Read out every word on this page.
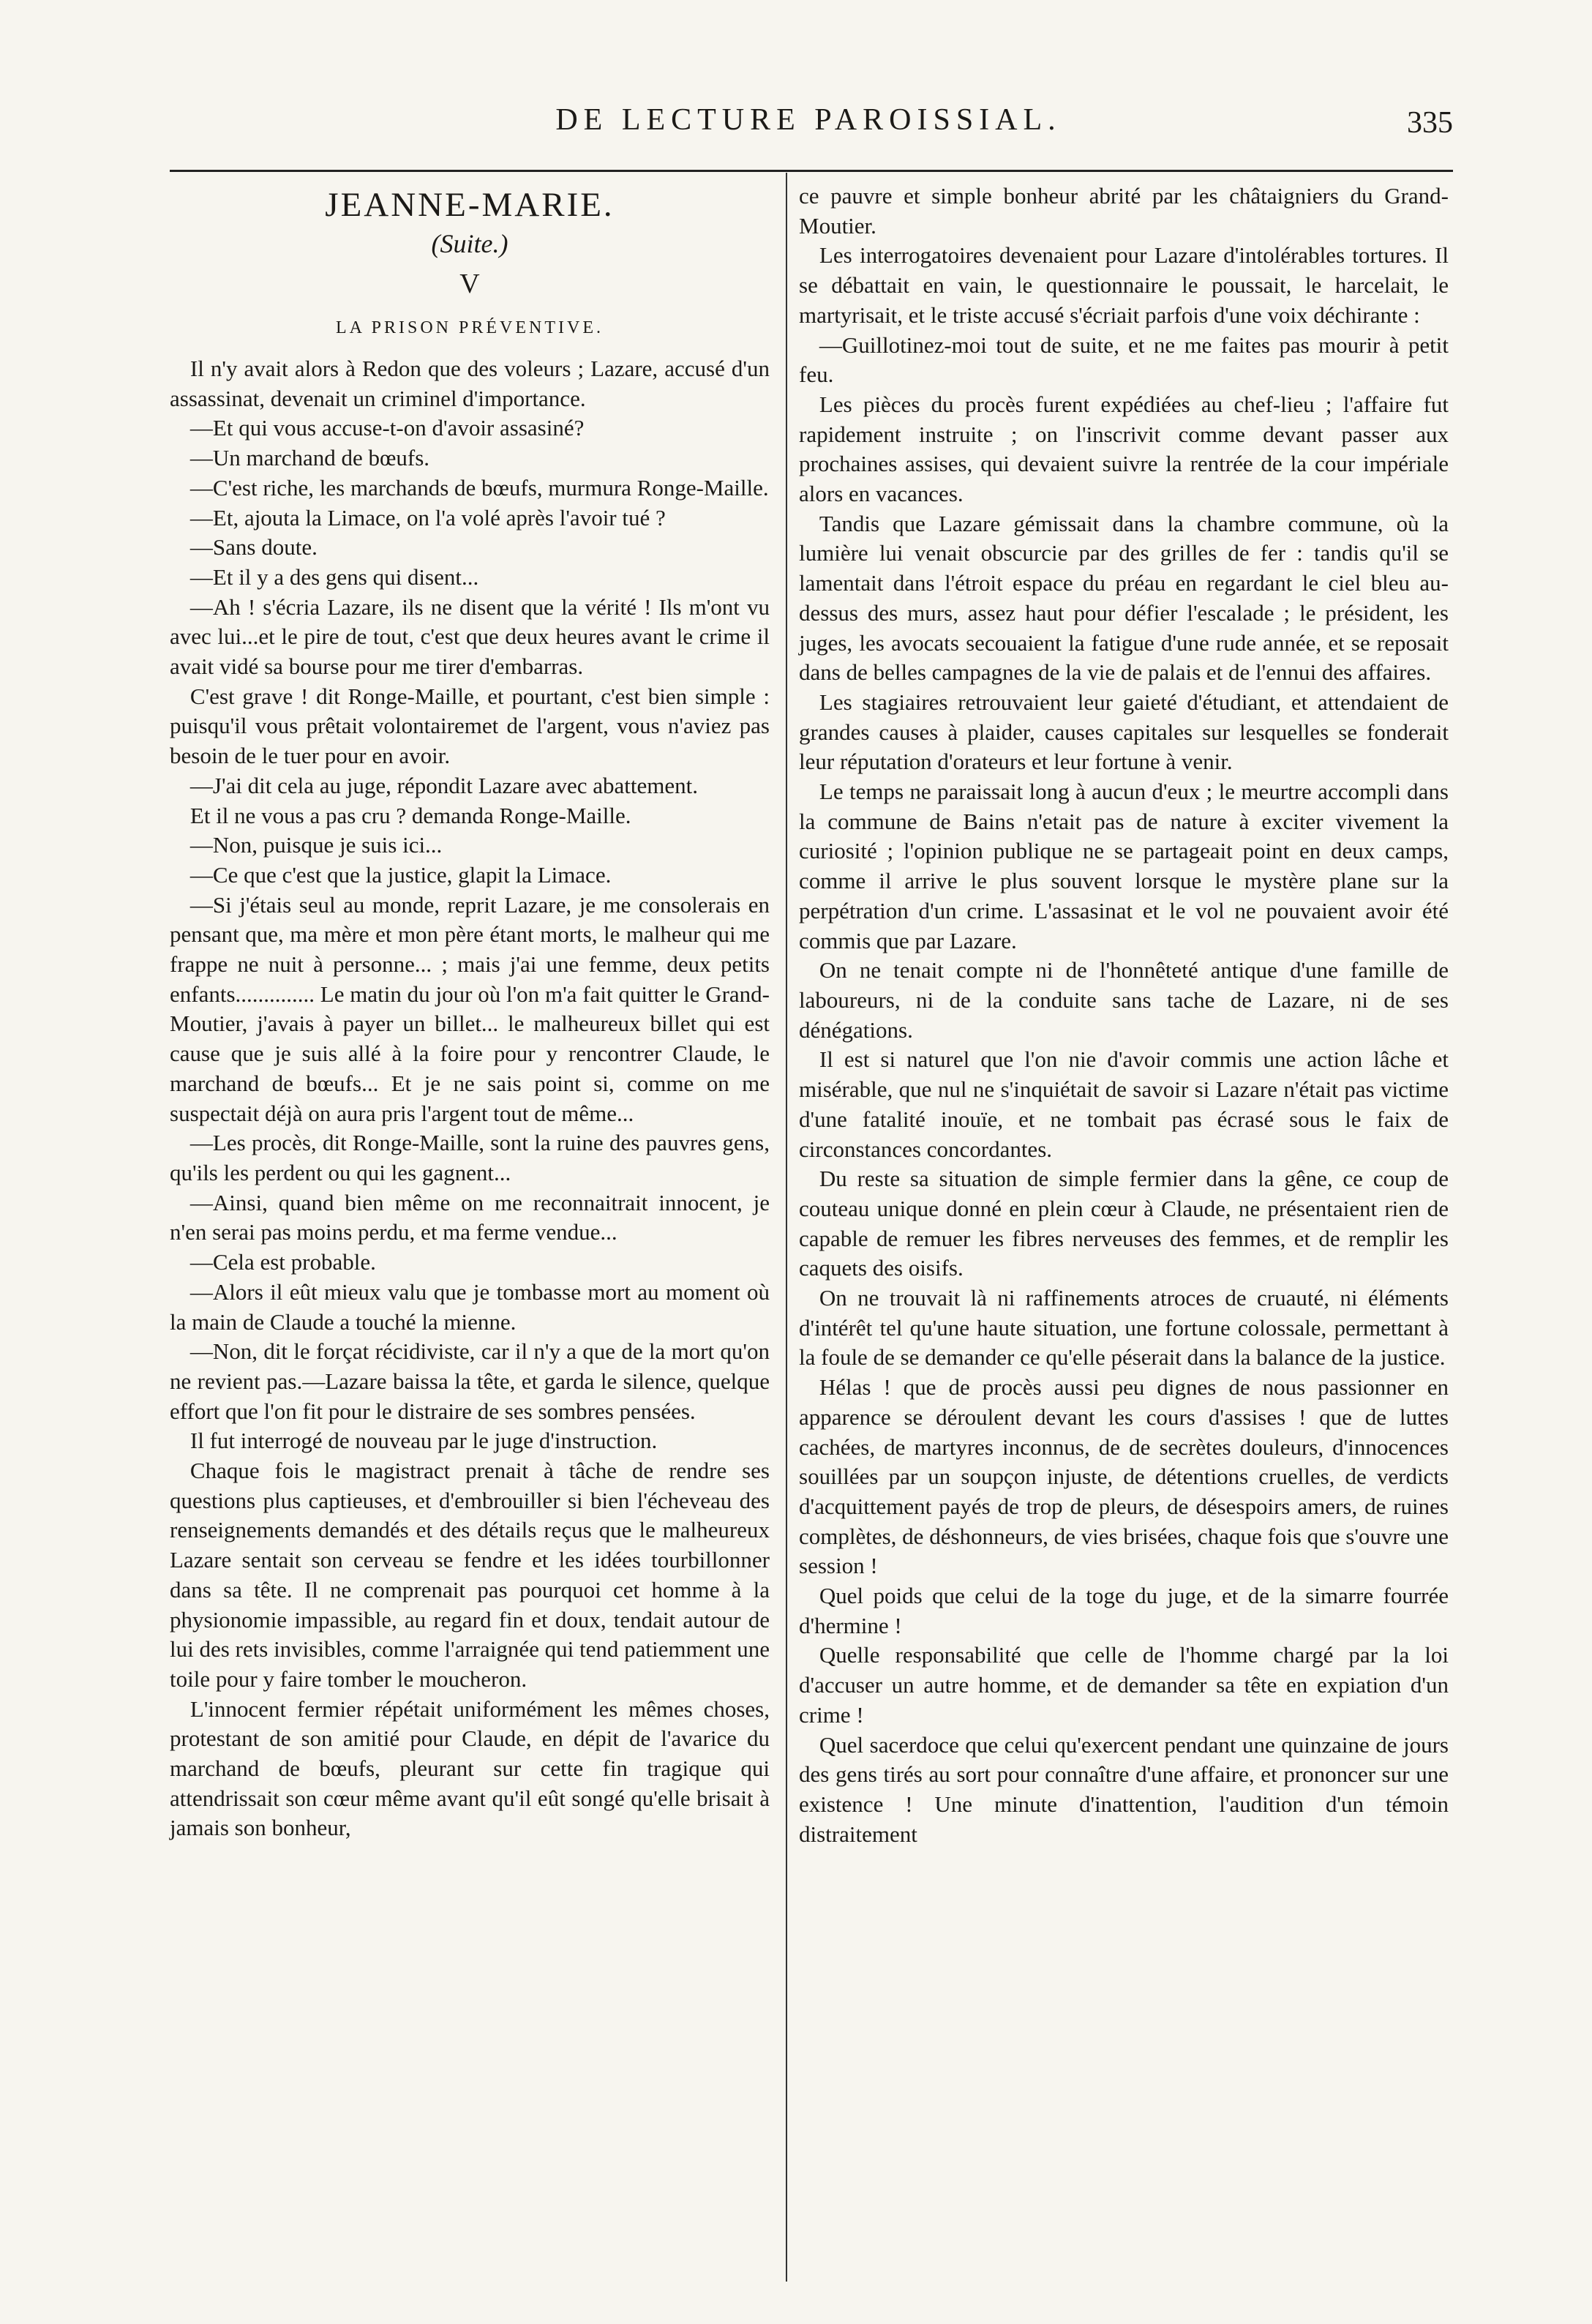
DE LECTURE PAROISSIAL.	335
JEANNE-MARIE.
(Suite.)
V
LA PRISON PRÉVENTIVE.

Il n'y avait alors à Redon que des voleurs ; Lazare, accusé d'un assassinat, devenait un criminel d'importance.

—Et qui vous accuse-t-on d'avoir assasiné?

—Un marchand de bœufs.

—C'est riche, les marchands de bœufs, murmura Ronge-Maille.

—Et, ajouta la Limace, on l'a volé après l'avoir tué ?

—Sans doute.

—Et il y a des gens qui disent...

—Ah ! s'écria Lazare, ils ne disent que la vérité ! Ils m'ont vu avec lui...et le pire de tout, c'est que deux heures avant le crime il avait vidé sa bourse pour me tirer d'embarras.

C'est grave ! dit Ronge-Maille, et pourtant, c'est bien simple : puisqu'il vous prêtait volontairemet de l'argent, vous n'aviez pas besoin de le tuer pour en avoir.

—J'ai dit cela au juge, répondit Lazare avec abattement.

Et il ne vous a pas cru ? demanda Ronge-Maille.

—Non, puisque je suis ici...

—Ce que c'est que la justice, glapit la Limace.

—Si j'étais seul au monde, reprit Lazare, je me consolerais en pensant que, ma mère et mon père étant morts, le malheur qui me frappe ne nuit à personne... ; mais j'ai une femme, deux petits enfants.............. Le matin du jour où l'on m'a fait quitter le Grand-Moutier, j'avais à payer un billet... le malheureux billet qui est cause que je suis allé à la foire pour y rencontrer Claude, le marchand de bœufs... Et je ne sais point si, comme on me suspectait déjà on aura pris l'argent tout de même...

—Les procès, dit Ronge-Maille, sont la ruine des pauvres gens, qu'ils les perdent ou qui les gagnent...

—Ainsi, quand bien même on me reconnaitrait innocent, je n'en serai pas moins perdu, et ma ferme vendue...

—Cela est probable.

—Alors il eût mieux valu que je tombasse mort au moment où la main de Claude a touché la mienne.

—Non, dit le forçat récidiviste, car il n'y a que de la mort qu'on ne revient pas.—Lazare baissa la tête, et garda le silence, quelque effort que l'on fit pour le distraire de ses sombres pensées.

Il fut interrogé de nouveau par le juge d'instruction.

Chaque fois le magistract prenait à tâche de rendre ses questions plus captieuses, et d'embrouiller si bien l'écheveau des renseignements demandés et des détails reçus que le malheureux Lazare sentait son cerveau se fendre et les idées tourbillonner dans sa tête. Il ne comprenait pas pourquoi cet homme à la physionomie impassible, au regard fin et doux, tendait autour de lui des rets invisibles, comme l'arraignée qui tend patiemment une toile pour y faire tomber le moucheron.

L'innocent fermier répétait uniformément les mêmes choses, protestant de son amitié pour Claude, en dépit de l'avarice du marchand de bœufs, pleurant sur cette fin tragique qui attendrissait son cœur même avant qu'il eût songé qu'elle brisait à jamais son bonheur,

ce pauvre et simple bonheur abrité par les châtaigniers du Grand-Moutier.

Les interrogatoires devenaient pour Lazare d'intolérables tortures. Il se débattait en vain, le questionnaire le poussait, le harcelait, le martyrisait, et le triste accusé s'écriait parfois d'une voix déchirante :

—Guillotinez-moi tout de suite, et ne me faites pas mourir à petit feu.

Les pièces du procès furent expédiées au chef-lieu ; l'affaire fut rapidement instruite ; on l'inscrivit comme devant passer aux prochaines assises, qui devaient suivre la rentrée de la cour impériale alors en vacances.

Tandis que Lazare gémissait dans la chambre commune, où la lumière lui venait obscurcie par des grilles de fer : tandis qu'il se lamentait dans l'étroit espace du préau en regardant le ciel bleu au-dessus des murs, assez haut pour défier l'escalade ; le président, les juges, les avocats secouaient la fatigue d'une rude année, et se reposait dans de belles campagnes de la vie de palais et de l'ennui des affaires.

Les stagiaires retrouvaient leur gaieté d'étudiant, et attendaient de grandes causes à plaider, causes capitales sur lesquelles se fonderait leur réputation d'orateurs et leur fortune à venir.

Le temps ne paraissait long à aucun d'eux ; le meurtre accompli dans la commune de Bains n'etait pas de nature à exciter vivement la curiosité ; l'opinion publique ne se partageait point en deux camps, comme il arrive le plus souvent lorsque le mystère plane sur la perpétration d'un crime. L'assasinat et le vol ne pouvaient avoir été commis que par Lazare.

On ne tenait compte ni de l'honnêteté antique d'une famille de laboureurs, ni de la conduite sans tache de Lazare, ni de ses dénégations.

Il est si naturel que l'on nie d'avoir commis une action lâche et misérable, que nul ne s'inquiétait de savoir si Lazare n'était pas victime d'une fatalité inouïe, et ne tombait pas écrasé sous le faix de circonstances concordantes.

Du reste sa situation de simple fermier dans la gêne, ce coup de couteau unique donné en plein cœur à Claude, ne présentaient rien de capable de remuer les fibres nerveuses des femmes, et de remplir les caquets des oisifs.

On ne trouvait là ni raffinements atroces de cruauté, ni éléments d'intérêt tel qu'une haute situation, une fortune colossale, permettant à la foule de se demander ce qu'elle péserait dans la balance de la justice.

Hélas ! que de procès aussi peu dignes de nous passionner en apparence se déroulent devant les cours d'assises ! que de luttes cachées, de martyres inconnus, de de secrètes douleurs, d'innocences souillées par un soupçon injuste, de détentions cruelles, de verdicts d'acquittement payés de trop de pleurs, de désespoirs amers, de ruines complètes, de déshonneurs, de vies brisées, chaque fois que s'ouvre une session !

Quel poids que celui de la toge du juge, et de la simarre fourrée d'hermine !

Quelle responsabilité que celle de l'homme chargé par la loi d'accuser un autre homme, et de demander sa tête en expiation d'un crime !

Quel sacerdoce que celui qu'exercent pendant une quinzaine de jours des gens tirés au sort pour connaître d'une affaire, et prononcer sur une existence ! Une minute d'inattention, l'audition d'un témoin distraitement
